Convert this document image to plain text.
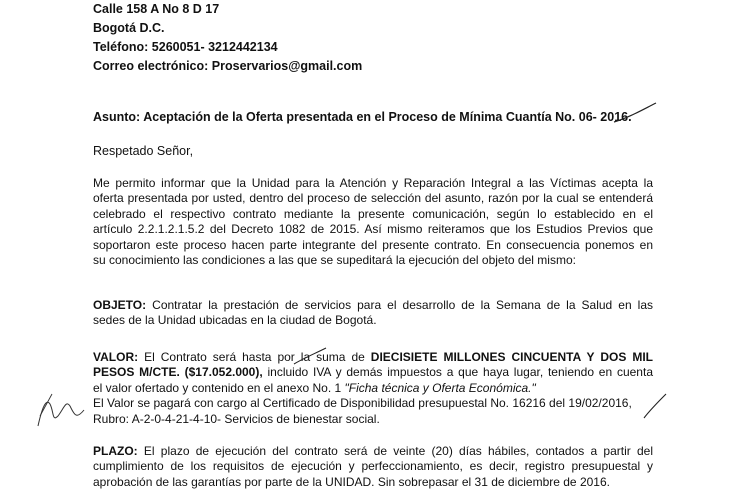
Calle 158 A No 8 D 17
Bogotá D.C.
Teléfono: 5260051- 3212442134
Correo electrónico: Proservarios@gmail.com
Asunto: Aceptación de la Oferta presentada en el Proceso de Mínima Cuantía No. 06- 2016.
Respetado Señor,
Me permito informar que la Unidad para la Atención y Reparación Integral a las Víctimas acepta la
oferta presentada por usted, dentro del proceso de selección del asunto, razón por la cual se entenderá
celebrado el respectivo contrato mediante la presente comunicación, según lo establecido en el
artículo 2.2.1.2.1.5.2 del Decreto 1082 de 2015. Así mismo reiteramos que los Estudios Previos que
soportaron este proceso hacen parte integrante del presente contrato. En consecuencia ponemos en
su conocimiento las condiciones a las que se supeditará la ejecución del objeto del mismo:
OBJETO: Contratar la prestación de servicios para el desarrollo de la Semana de la Salud en las
sedes de la Unidad ubicadas en la ciudad de Bogotá.
VALOR: El Contrato será hasta por la suma de DIECISIETE MILLONES CINCUENTA Y DOS MIL
PESOS M/CTE. ($17.052.000), incluido IVA y demás impuestos a que haya lugar, teniendo en cuenta
el valor ofertado y contenido en el anexo No. 1 "Ficha técnica y Oferta Económica."
El Valor se pagará con cargo al Certificado de Disponibilidad presupuestal No. 16216 del 19/02/2016,
Rubro: A-2-0-4-21-4-10- Servicios de bienestar social.
PLAZO: El plazo de ejecución del contrato será de veinte (20) días hábiles, contados a partir del
cumplimiento de los requisitos de ejecución y perfeccionamiento, es decir, registro presupuestal y
aprobación de las garantías por parte de la UNIDAD. Sin sobrepasar el 31 de diciembre de 2016.
